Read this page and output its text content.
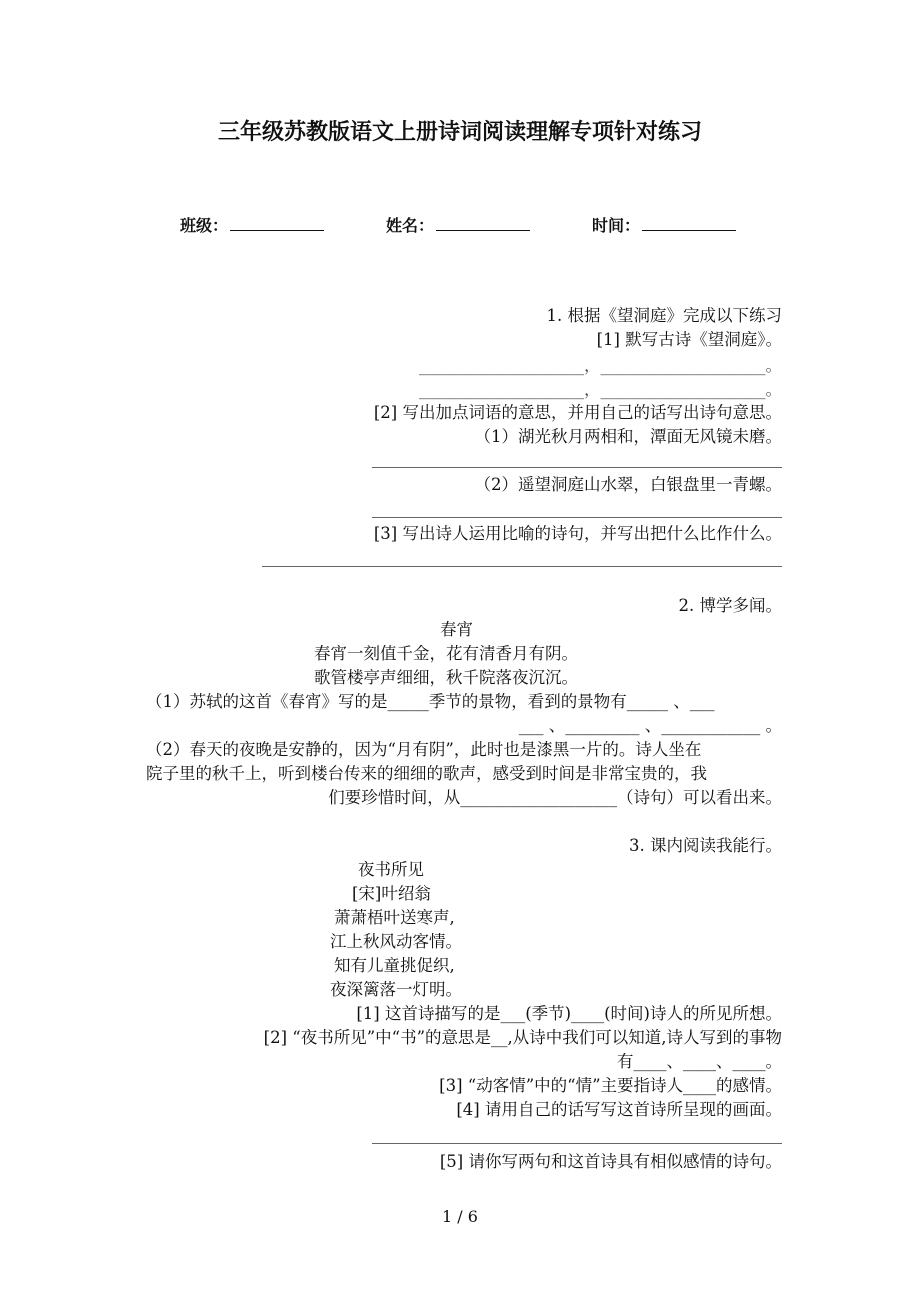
三年级苏教版语文上册诗词阅读理解专项针对练习
班级：	姓名：	时间：
1. 根据《望洞庭》完成以下练习
[1] 默写古诗《望洞庭》。
____________________，____________________。
____________________，____________________。
[2] 写出加点词语的意思，并用自己的话写出诗句意思。
（1）湖光秋月两相和，潭面无风镜未磨。
（2）遥望洞庭山水翠，白银盘里一青螺。
[3] 写出诗人运用比喻的诗句，并写出把什么比作什么。
2. 博学多闻。
春宵
春宵一刻值千金，花有清香月有阴。
歌管楼亭声细细，秋千院落夜沉沉。
（1）苏轼的这首《春宵》写的是_____季节的景物，看到的景物有_____ 、___
___ 、_________ 、____________ 。
（2）春天的夜晚是安静的，因为“月有阴”，此时也是漆黑一片的。诗人坐在
院子里的秋千上，听到楼台传来的细细的歌声，感受到时间是非常宝贵的，我
们要珍惜时间，从___________________（诗句）可以看出来。
3. 课内阅读我能行。
夜书所见
[宋]叶绍翁
萧萧梧叶送寒声,
江上秋风动客情。
知有儿童挑促织,
夜深篱落一灯明。
[1] 这首诗描写的是___(季节)____(时间)诗人的所见所想。
[2] “夜书所见”中“书”的意思是__,从诗中我们可以知道,诗人写到的事物
有____、____、____。
[3] “动客情”中的“情”主要指诗人____的感情。
[4] 请用自己的话写写这首诗所呈现的画面。
[5] 请你写两句和这首诗具有相似感情的诗句。
1 / 6
